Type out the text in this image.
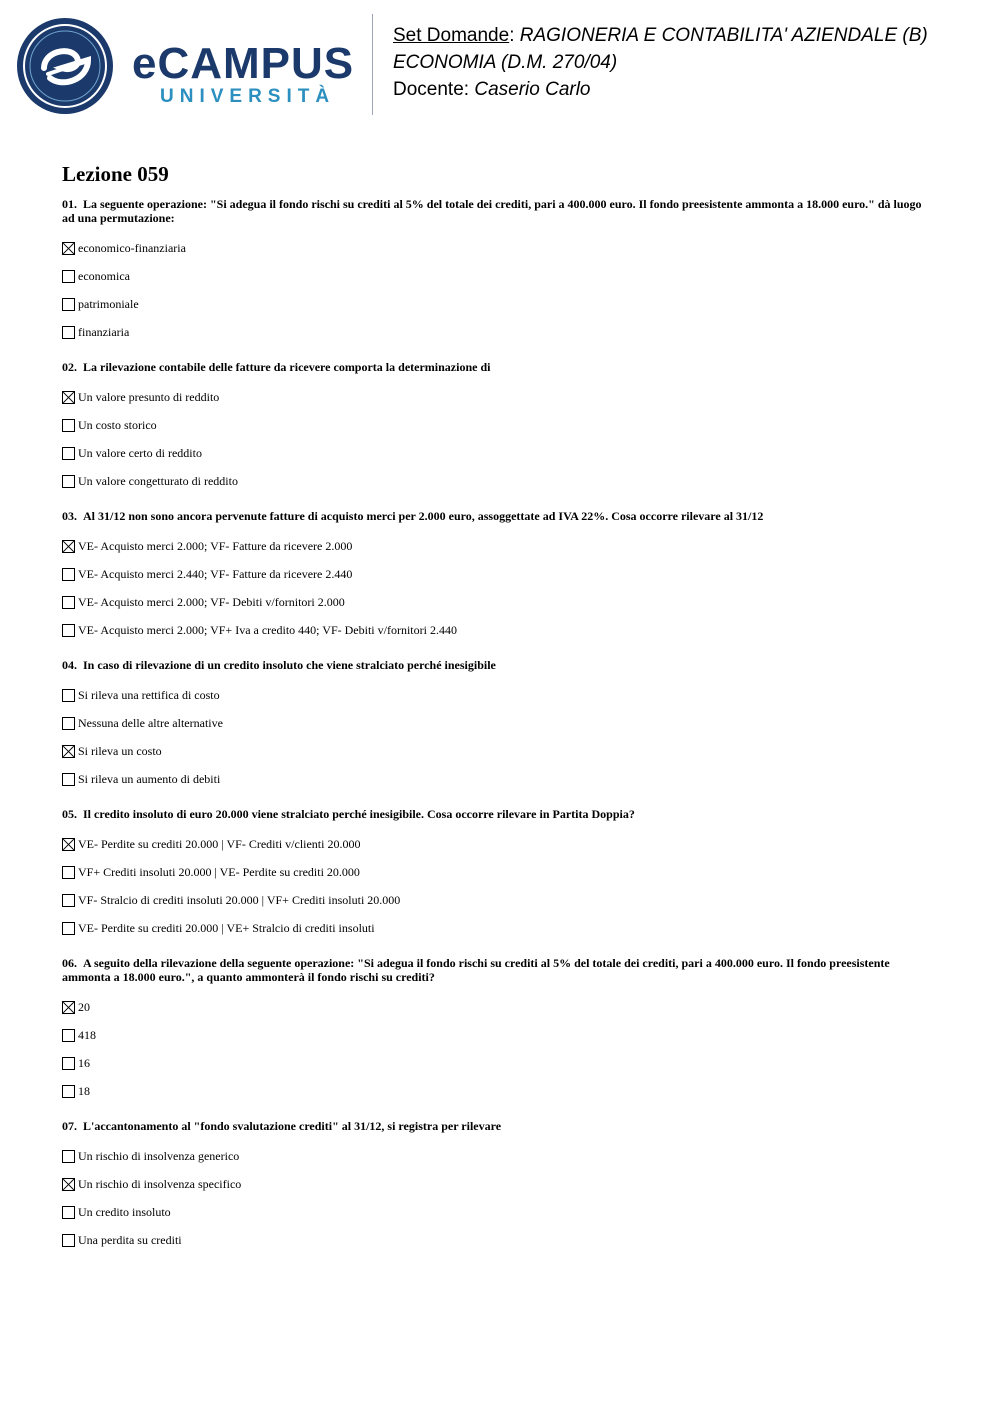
eCAMPUS
UNIVERSITÀ
Set Domande: RAGIONERIA E CONTABILITA' AZIENDALE (B)
ECONOMIA (D.M. 270/04)
Docente: Caserio Carlo
Lezione 059
01. La seguente operazione: "Si adegua il fondo rischi su crediti al 5% del totale dei crediti, pari a 400.000 euro. Il fondo preesistente ammonta a 18.000 euro." dà luogo ad una permutazione:
economico-finanziaria
economica
patrimoniale
finanziaria
02. La rilevazione contabile delle fatture da ricevere comporta la determinazione di
Un valore presunto di reddito
Un costo storico
Un valore certo di reddito
Un valore congetturato di reddito
03. Al 31/12 non sono ancora pervenute fatture di acquisto merci per 2.000 euro, assoggettate ad IVA 22%. Cosa occorre rilevare al 31/12
VE- Acquisto merci 2.000; VF- Fatture da ricevere 2.000
VE- Acquisto merci 2.440; VF- Fatture da ricevere 2.440
VE- Acquisto merci 2.000; VF- Debiti v/fornitori 2.000
VE- Acquisto merci 2.000; VF+ Iva a credito 440; VF- Debiti v/fornitori 2.440
04. In caso di rilevazione di un credito insoluto che viene stralciato perché inesigibile
Si rileva una rettifica di costo
Nessuna delle altre alternative
Si rileva un costo
Si rileva un aumento di debiti
05. Il credito insoluto di euro 20.000 viene stralciato perché inesigibile. Cosa occorre rilevare in Partita Doppia?
VE- Perdite su crediti 20.000 | VF- Crediti v/clienti 20.000
VF+ Crediti insoluti 20.000 | VE- Perdite su crediti 20.000
VF- Stralcio di crediti insoluti 20.000 | VF+ Crediti insoluti 20.000
VE- Perdite su crediti 20.000 | VE+ Stralcio di crediti insoluti
06. A seguito della rilevazione della seguente operazione: "Si adegua il fondo rischi su crediti al 5% del totale dei crediti, pari a 400.000 euro. Il fondo preesistente ammonta a 18.000 euro.", a quanto ammonterà il fondo rischi su crediti?
20
418
16
18
07. L'accantonamento al "fondo svalutazione crediti" al 31/12, si registra per rilevare
Un rischio di insolvenza generico
Un rischio di insolvenza specifico
Un credito insoluto
Una perdita su crediti
